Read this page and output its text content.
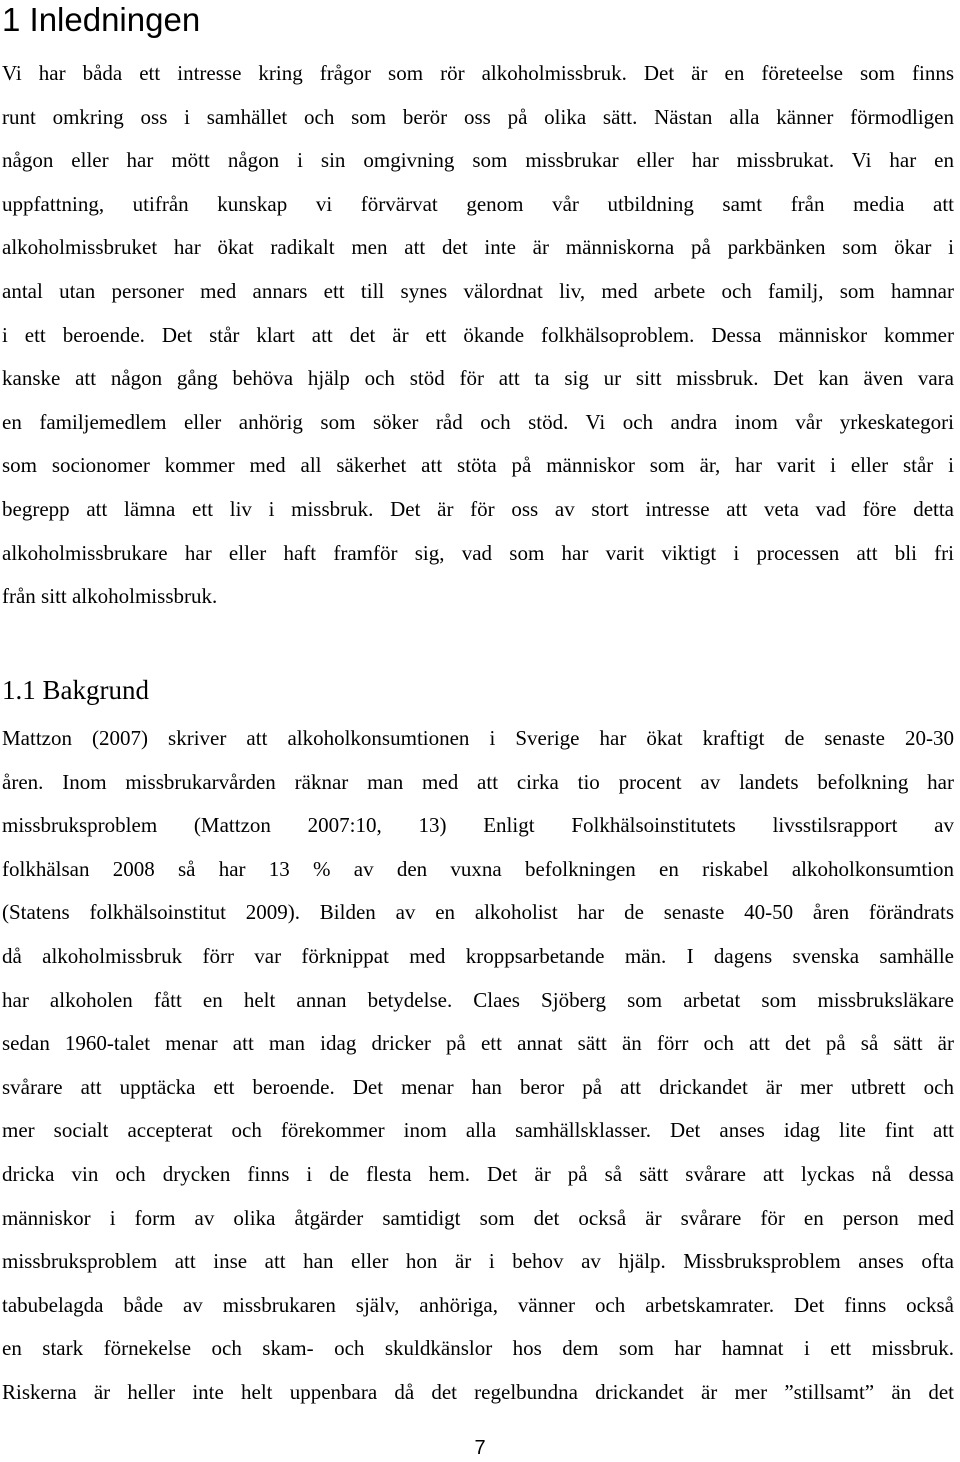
1 Inledningen
Vi har båda ett intresse kring frågor som rör alkoholmissbruk. Det är en företeelse som finns
runt omkring oss i samhället och som berör oss på olika sätt. Nästan alla känner förmodligen
någon eller har mött någon i sin omgivning som missbrukar eller har missbrukat. Vi har en
uppfattning, utifrån kunskap vi förvärvat genom vår utbildning samt från media att
alkoholmissbruket har ökat radikalt men att det inte är människorna på parkbänken som ökar i
antal utan personer med annars ett till synes välordnat liv, med arbete och familj, som hamnar
i ett beroende. Det står klart att det är ett ökande folkhälsoproblem. Dessa människor kommer
kanske att någon gång behöva hjälp och stöd för att ta sig ur sitt missbruk. Det kan även vara
en familjemedlem eller anhörig som söker råd och stöd. Vi och andra inom vår yrkeskategori
som socionomer kommer med all säkerhet att stöta på människor som är, har varit i eller står i
begrepp att lämna ett liv i missbruk. Det är för oss av stort intresse att veta vad före detta
alkoholmissbrukare har eller haft framför sig, vad som har varit viktigt i processen att bli fri
från sitt alkoholmissbruk.
1.1 Bakgrund
Mattzon (2007) skriver att alkoholkonsumtionen i Sverige har ökat kraftigt de senaste 20-30
åren. Inom missbrukarvården räknar man med att cirka tio procent av landets befolkning har
missbruksproblem (Mattzon 2007:10, 13) Enligt Folkhälsoinstitutets livsstilsrapport av
folkhälsan 2008 så har 13 % av den vuxna befolkningen en riskabel alkoholkonsumtion
(Statens folkhälsoinstitut 2009). Bilden av en alkoholist har de senaste 40-50 åren förändrats
då alkoholmissbruk förr var förknippat med kroppsarbetande män. I dagens svenska samhälle
har alkoholen fått en helt annan betydelse. Claes Sjöberg som arbetat som missbruksläkare
sedan 1960-talet menar att man idag dricker på ett annat sätt än förr och att det på så sätt är
svårare att upptäcka ett beroende. Det menar han beror på att drickandet är mer utbrett och
mer socialt accepterat och förekommer inom alla samhällsklasser. Det anses idag lite fint att
dricka vin och drycken finns i de flesta hem. Det är på så sätt svårare att lyckas nå dessa
människor i form av olika åtgärder samtidigt som det också är svårare för en person med
missbruksproblem att inse att han eller hon är i behov av hjälp. Missbruksproblem anses ofta
tabubelagda både av missbrukaren själv, anhöriga, vänner och arbetskamrater. Det finns också
en stark förnekelse och skam- och skuldkänslor hos dem som har hamnat i ett missbruk.
Riskerna är heller inte helt uppenbara då det regelbundna drickandet är mer ”stillsamt” än det
7
